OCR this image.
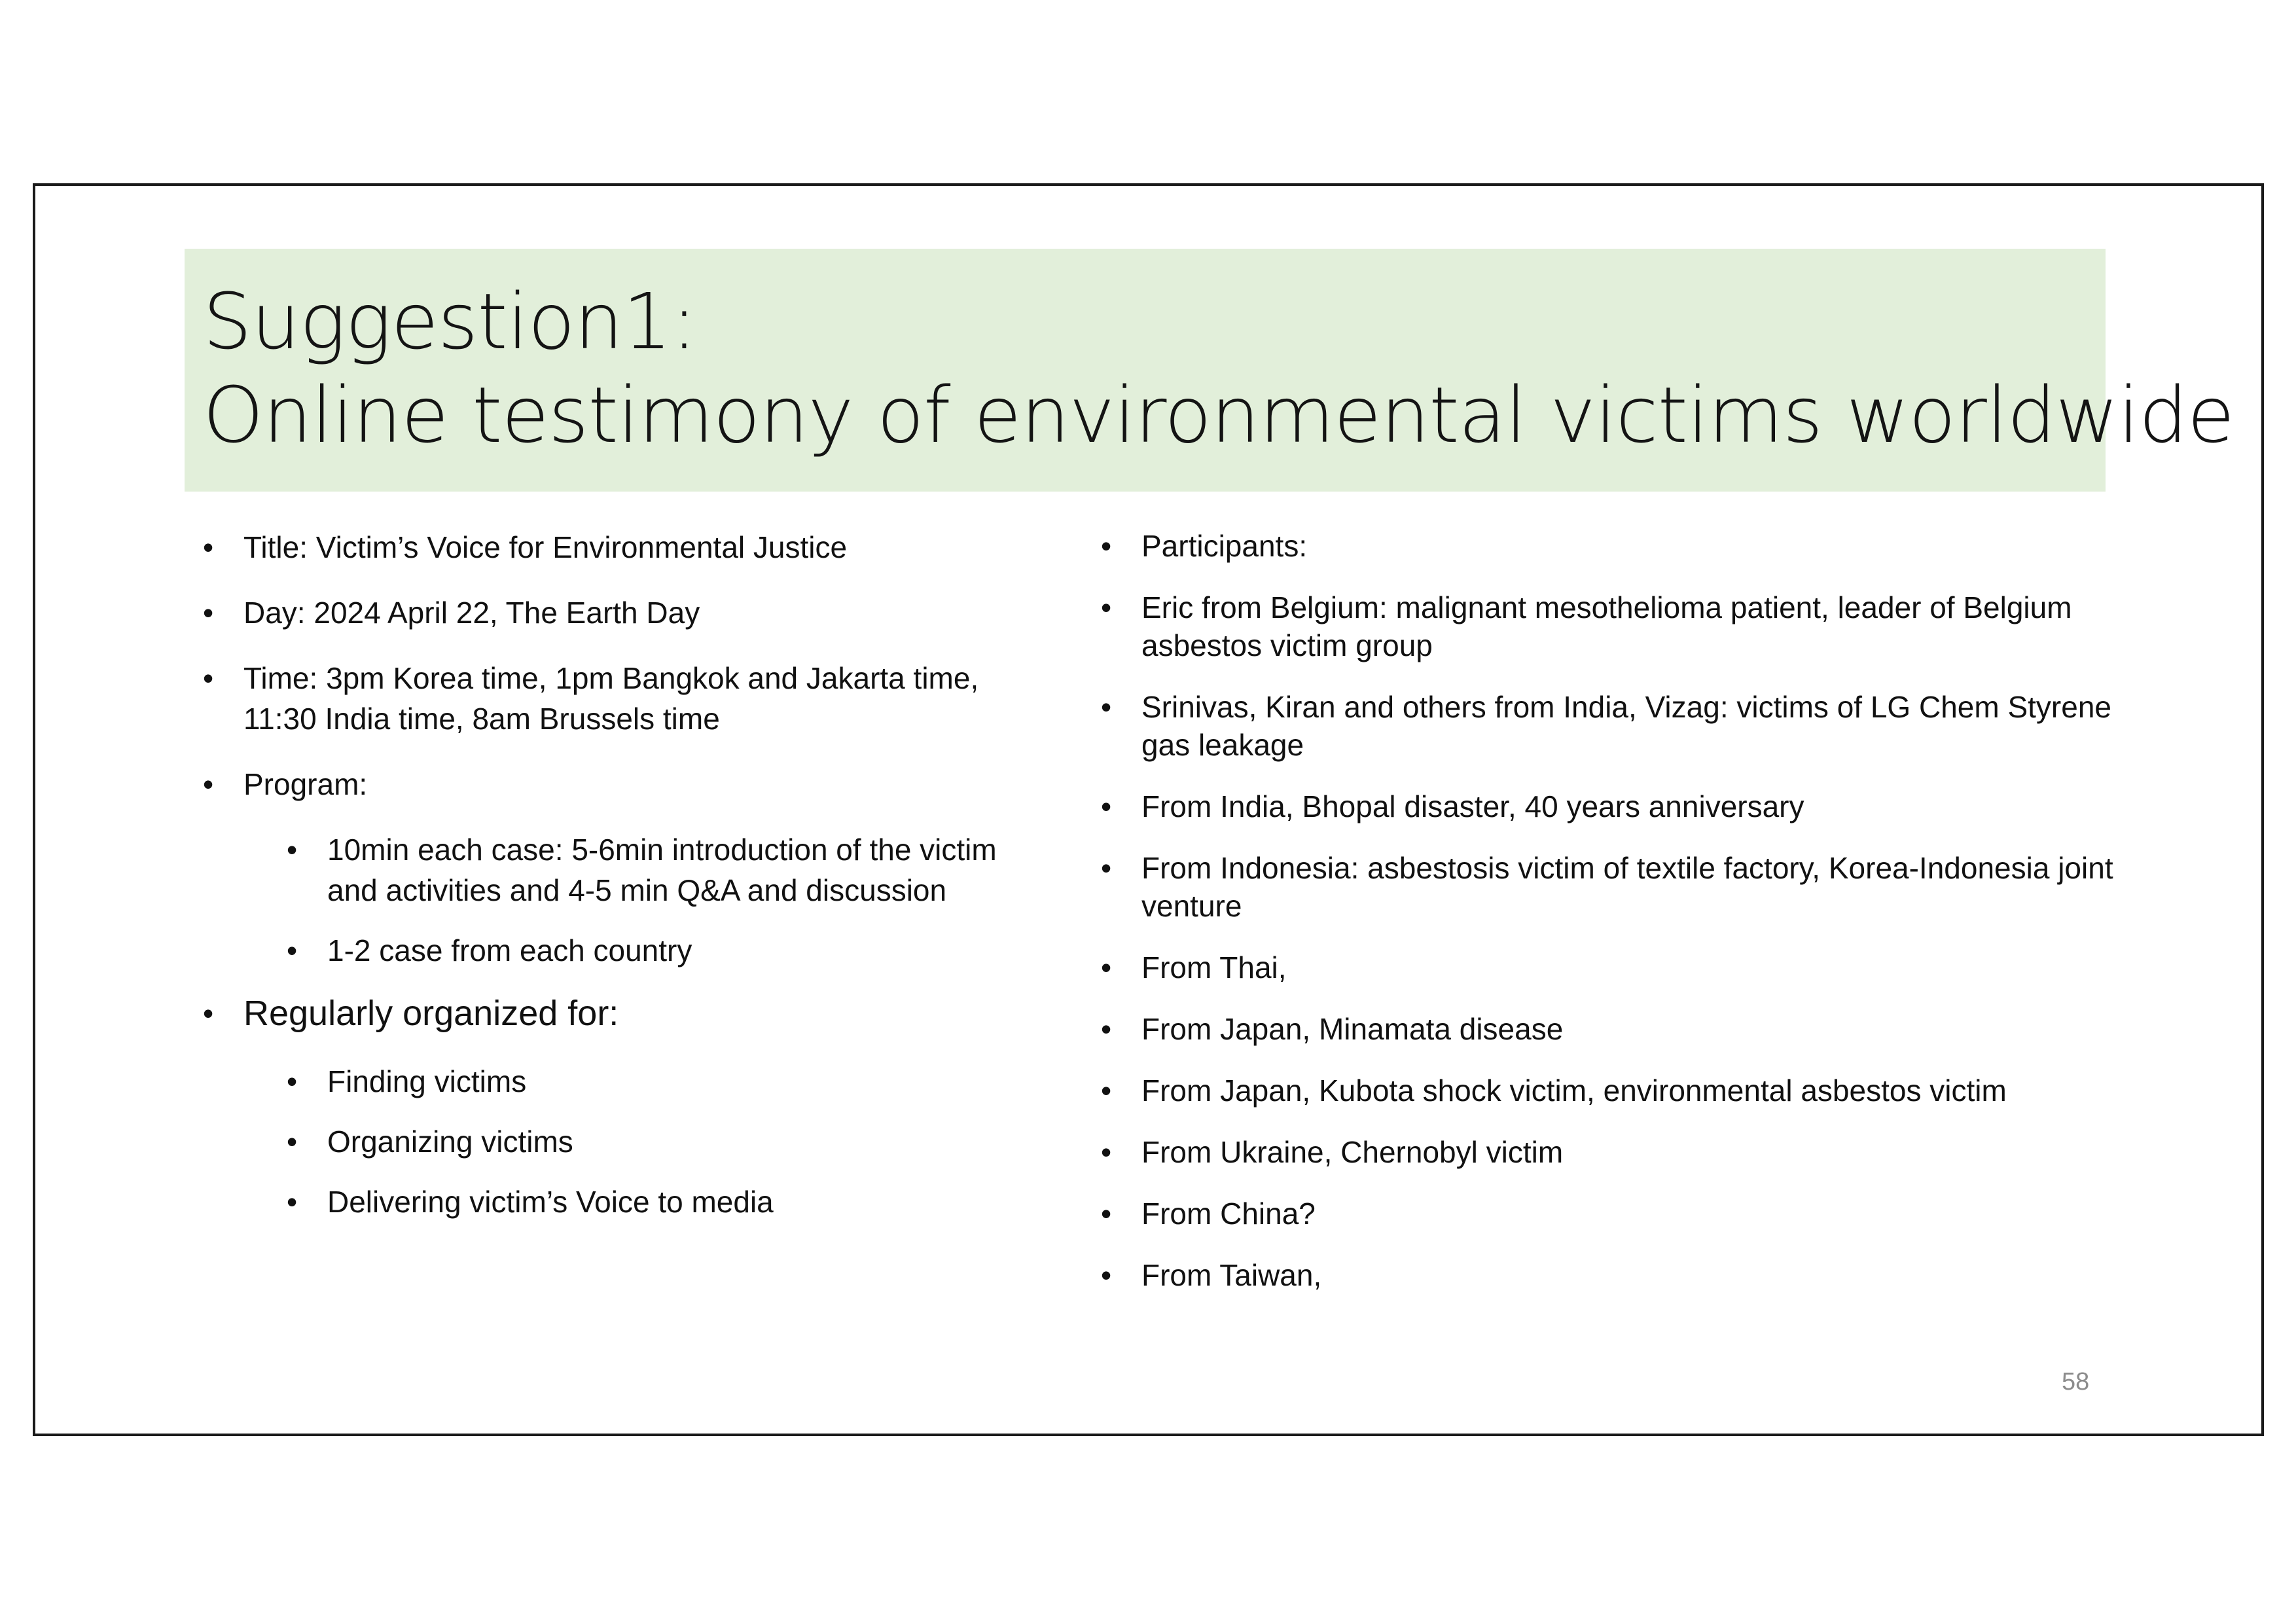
Suggestion1:
Online testimony of environmental victims worldwide
• Title: Victim’s Voice for Environmental Justice
• Day: 2024 April 22, The Earth Day
• Time: 3pm Korea time, 1pm Bangkok and Jakarta time, 11:30 India time, 8am Brussels time
• Program:
• 10min each case: 5-6min introduction of the victim and activities and 4-5 min Q&A and discussion
• 1-2 case from each country
• Regularly organized for:
• Finding victims
• Organizing victims
• Delivering victim’s Voice to media
• Participants:
• Eric from Belgium: malignant mesothelioma patient, leader of Belgium asbestos victim group
• Srinivas, Kiran and others from India, Vizag: victims of LG Chem Styrene gas leakage
• From India, Bhopal disaster, 40 years anniversary
• From Indonesia: asbestosis victim of textile factory, Korea-Indonesia joint venture
• From Thai,
• From Japan, Minamata disease
• From Japan, Kubota shock victim, environmental asbestos victim
• From Ukraine, Chernobyl victim
• From China?
• From Taiwan,
58
